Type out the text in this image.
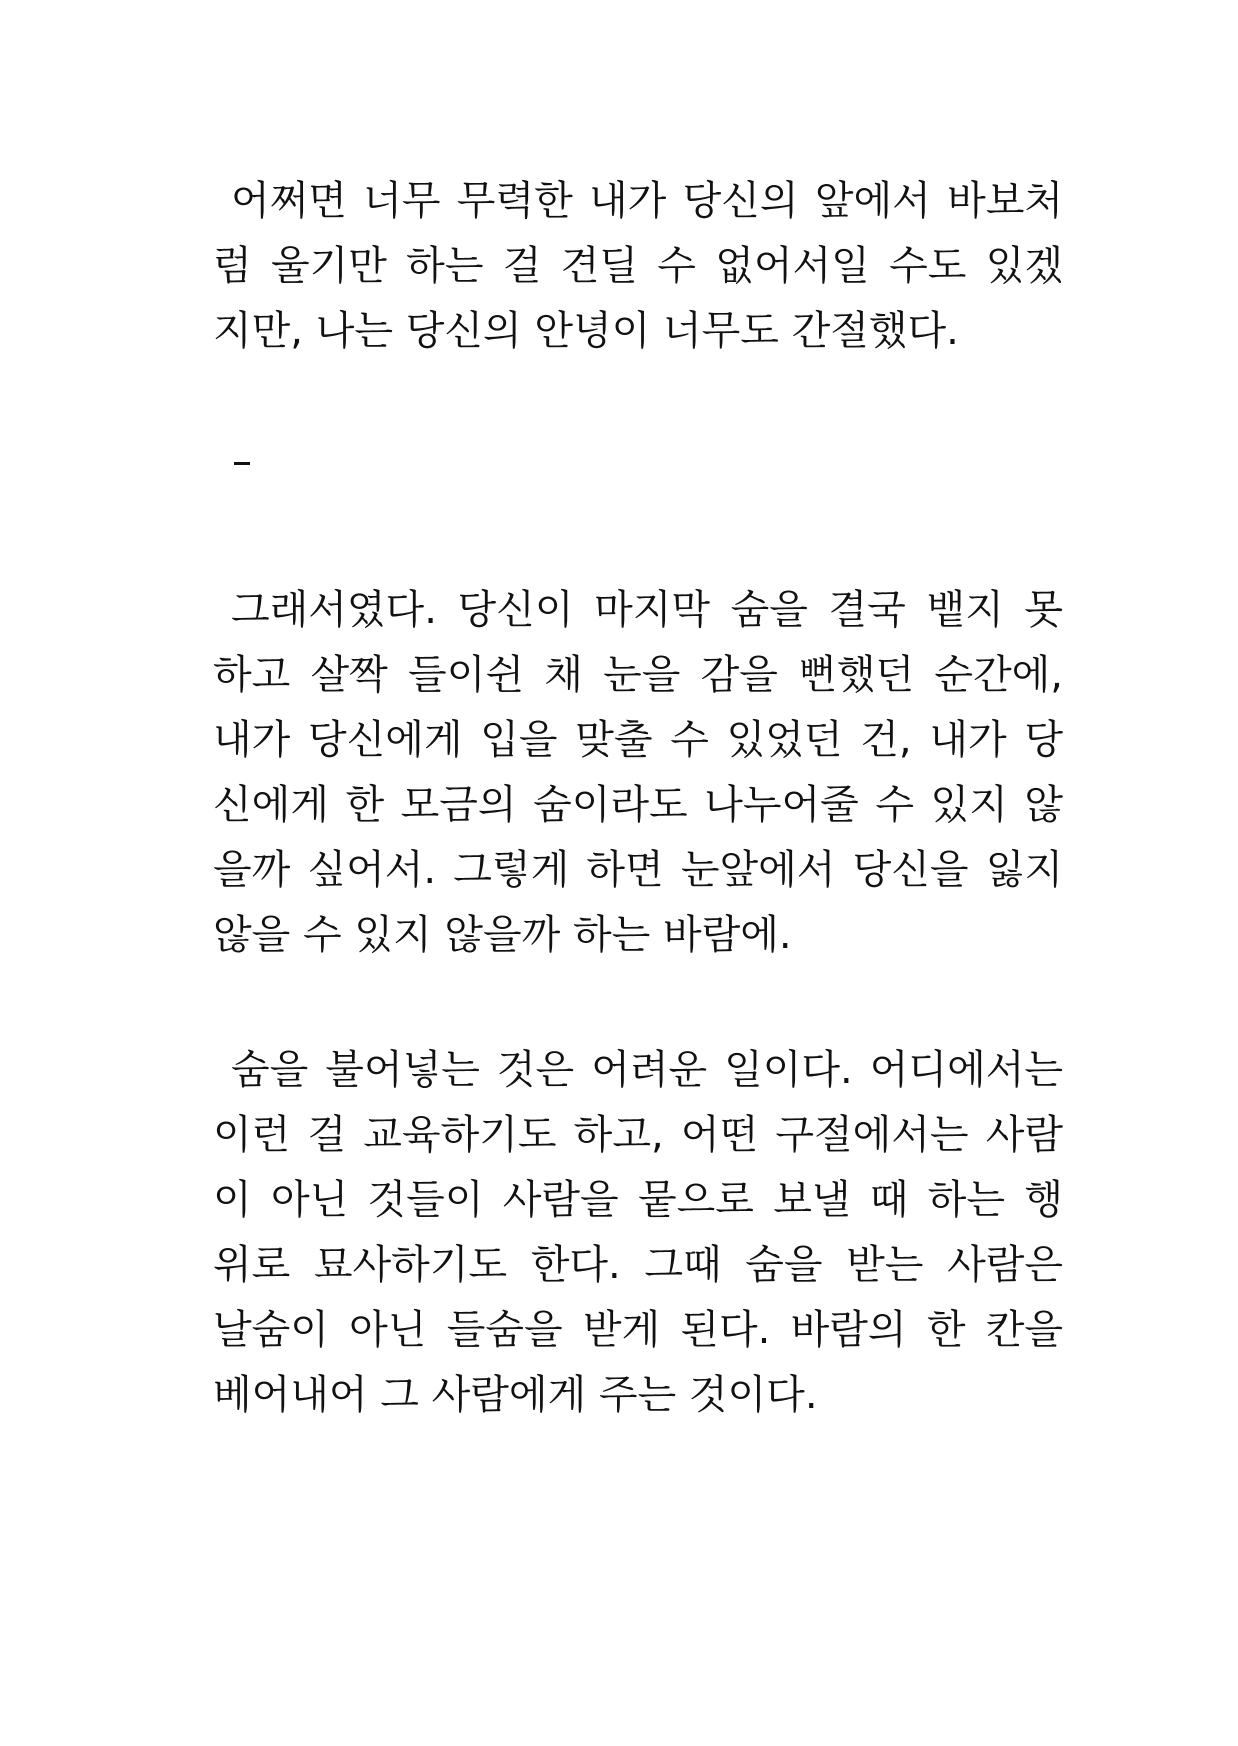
어쩌면 너무 무력한 내가 당신의 앞에서 바보처
럼 울기만 하는 걸 견딜 수 없어서일 수도 있겠
지만, 나는 당신의 안녕이 너무도 간절했다.
그래서였다. 당신이 마지막 숨을 결국 뱉지 못
하고 살짝 들이쉰 채 눈을 감을 뻔했던 순간에,
내가 당신에게 입을 맞출 수 있었던 건, 내가 당
신에게 한 모금의 숨이라도 나누어줄 수 있지 않
을까 싶어서. 그렇게 하면 눈앞에서 당신을 잃지
않을 수 있지 않을까 하는 바람에.
숨을 불어넣는 것은 어려운 일이다. 어디에서는
이런 걸 교육하기도 하고, 어떤 구절에서는 사람
이 아닌 것들이 사람을 뭍으로 보낼 때 하는 행
위로 묘사하기도 한다. 그때 숨을 받는 사람은
날숨이 아닌 들숨을 받게 된다. 바람의 한 칸을
베어내어 그 사람에게 주는 것이다.
